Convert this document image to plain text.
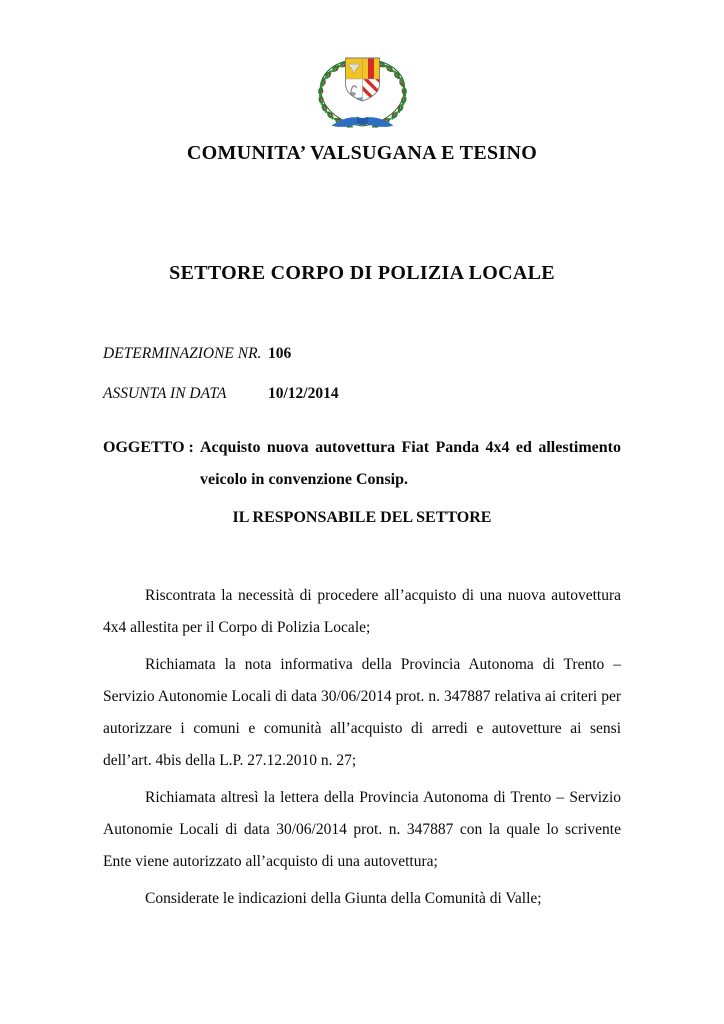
COMUNITA’ VALSUGANA E TESINO
SETTORE CORPO DI POLIZIA LOCALE
DETERMINAZIONE NR. 106
ASSUNTA IN DATA	10/12/2014
OGGETTO : Acquisto nuova autovettura Fiat Panda 4x4 ed allestimento veicolo in convenzione Consip.
IL RESPONSABILE DEL SETTORE

Riscontrata la necessità di procedere all’acquisto di una nuova autovettura 4x4 allestita per il Corpo di Polizia Locale;

Richiamata la nota informativa della Provincia Autonoma di Trento – Servizio Autonomie Locali di data 30/06/2014 prot. n. 347887 relativa ai criteri per autorizzare i comuni e comunità all’acquisto di arredi e autovetture ai sensi dell’art. 4bis della L.P. 27.12.2010 n. 27;

Richiamata altresì la lettera della Provincia Autonoma di Trento – Servizio Autonomie Locali di data 30/06/2014 prot. n. 347887 con la quale lo scrivente Ente viene autorizzato all’acquisto di una autovettura;

Considerate le indicazioni della Giunta della Comunità di Valle;
